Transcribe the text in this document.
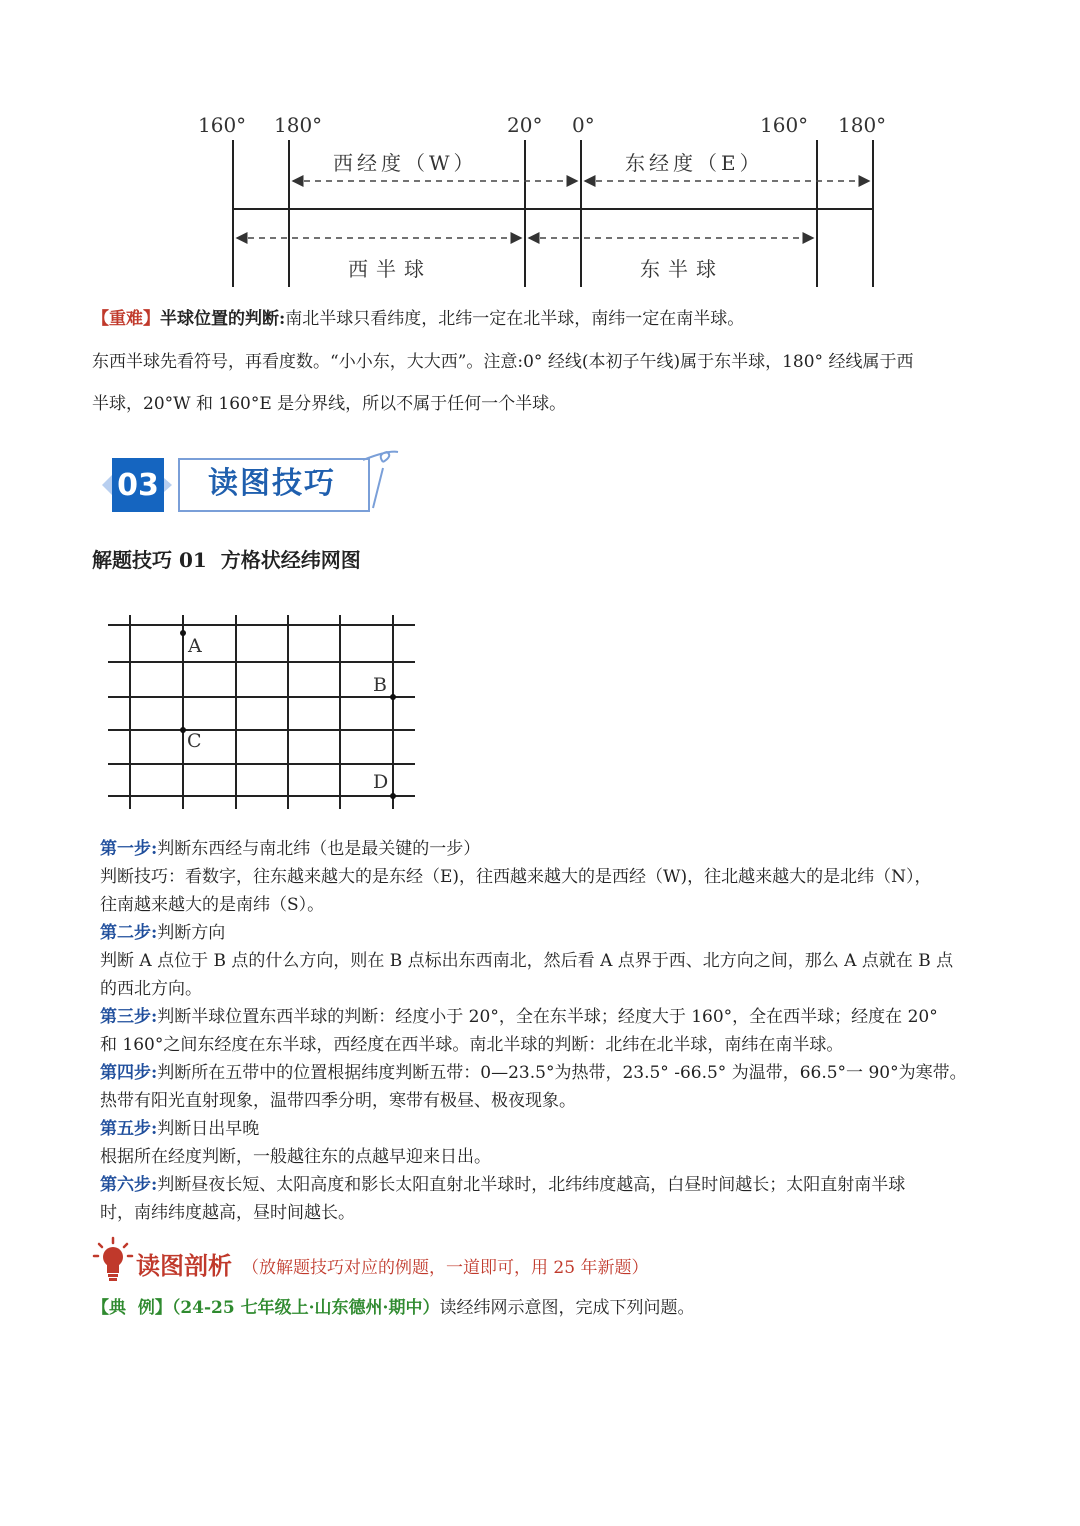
160° 180°	20° 0°	160° 180°
西经度（W）	东经度（E）
西半球	东半球
【重难】半球位置的判断:南北半球只看纬度，北纬一定在北半球，南纬一定在南半球。
东西半球先看符号，再看度数。“小小东，大大西”。注意:0° 经线(本初子午线)属于东半球，180° 经线属于西
半球，20°W 和 160°E 是分界线，所以不属于任何一个半球。
03 读图技巧
解题技巧 01  方格状经纬网图
A
B
C
D
第一步:判断东西经与南北纬（也是最关键的一步）
判断技巧：看数字，往东越来越大的是东经（E)，往西越来越大的是西经（W)，往北越来越大的是北纬（N），
往南越来越大的是南纬（S）。
第二步:判断方向
判断 A 点位于 B 点的什么方向，则在 B 点标出东西南北，然后看 A 点界于西、北方向之间，那么 A 点就在 B 点
的西北方向。
第三步:判断半球位置东西半球的判断：经度小于 20°，全在东半球；经度大于 160°，全在西半球；经度在 20°
和 160°之间东经度在东半球，西经度在西半球。南北半球的判断：北纬在北半球，南纬在南半球。
第四步:判断所在五带中的位置根据纬度判断五带：0—23.5°为热带，23.5° -66.5° 为温带，66.5°一 90°为寒带。
热带有阳光直射现象，温带四季分明，寒带有极昼、极夜现象。
第五步:判断日出早晚
根据所在经度判断，一般越往东的点越早迎来日出。
第六步:判断昼夜长短、太阳高度和影长太阳直射北半球时，北纬纬度越高，白昼时间越长；太阳直射南半球
时，南纬纬度越高，昼时间越长。
读图剖析 （放解题技巧对应的例题，一道即可，用 25 年新题）
【典  例】（24-25 七年级上·山东德州·期中）读经纬网示意图，完成下列问题。
